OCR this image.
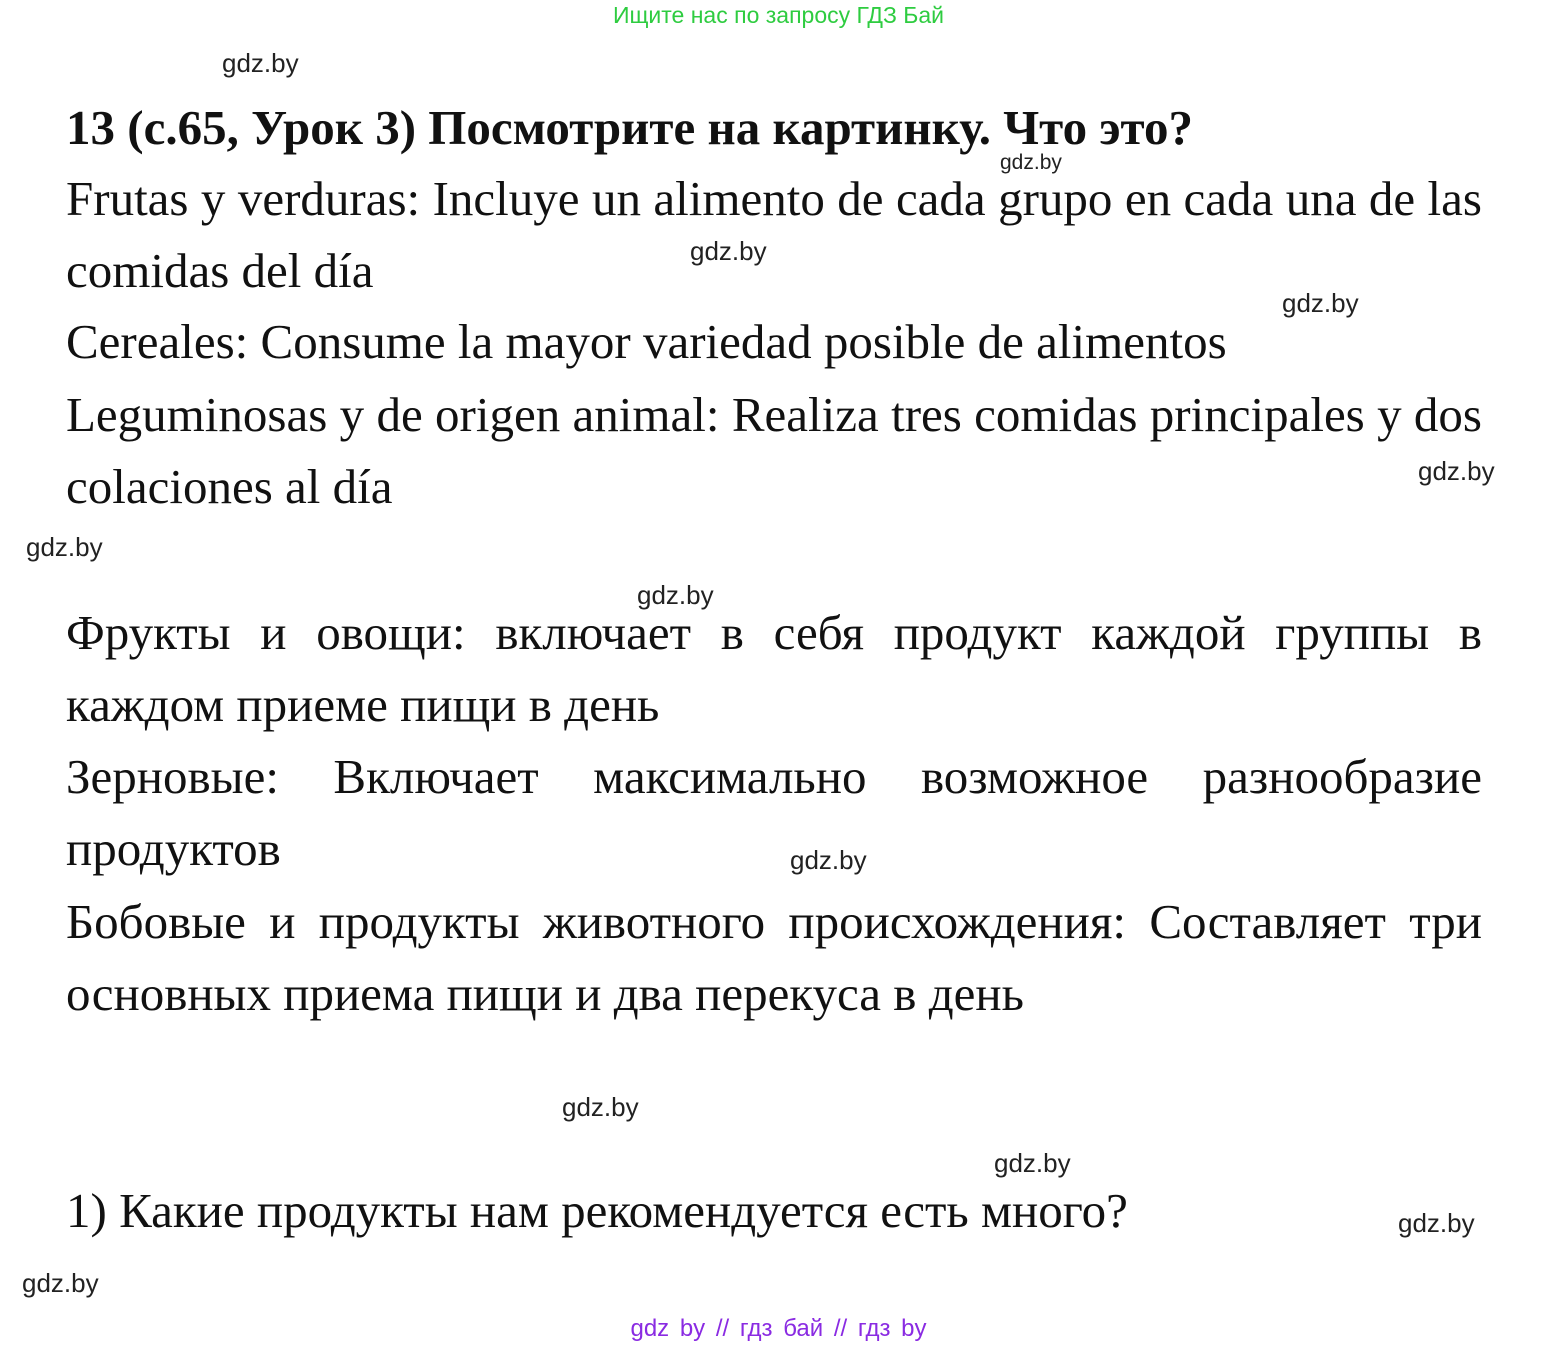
Ищите нас по запросу ГДЗ Бай
gdz.by
13 (с.65, Урок 3) Посмотрите на картинку. Что это?
gdz.by

Frutas y verduras: Incluye un alimento de cada grupo en cada una de las comidas del día	gdz.by
gdz.by

Cereales: Consume la mayor variedad posible de alimentos

Leguminosas y de origen animal: Realiza tres comidas principales y dos colaciones al día	gdz.by
gdz.by
gdz.by

Фрукты и овощи: включает в себя продукт каждой группы в каждом приеме пищи в день

Зерновые: Включает максимально возможное разнообразие продуктов	gdz.by

Бобовые и продукты животного происхождения: Составляет три основных приема пищи и два перекуса в день

gdz.by
gdz.by

1) Какие продукты нам рекомендуется есть много?	gdz.by
gdz.by
gdz by // гдз бай // гдз by
